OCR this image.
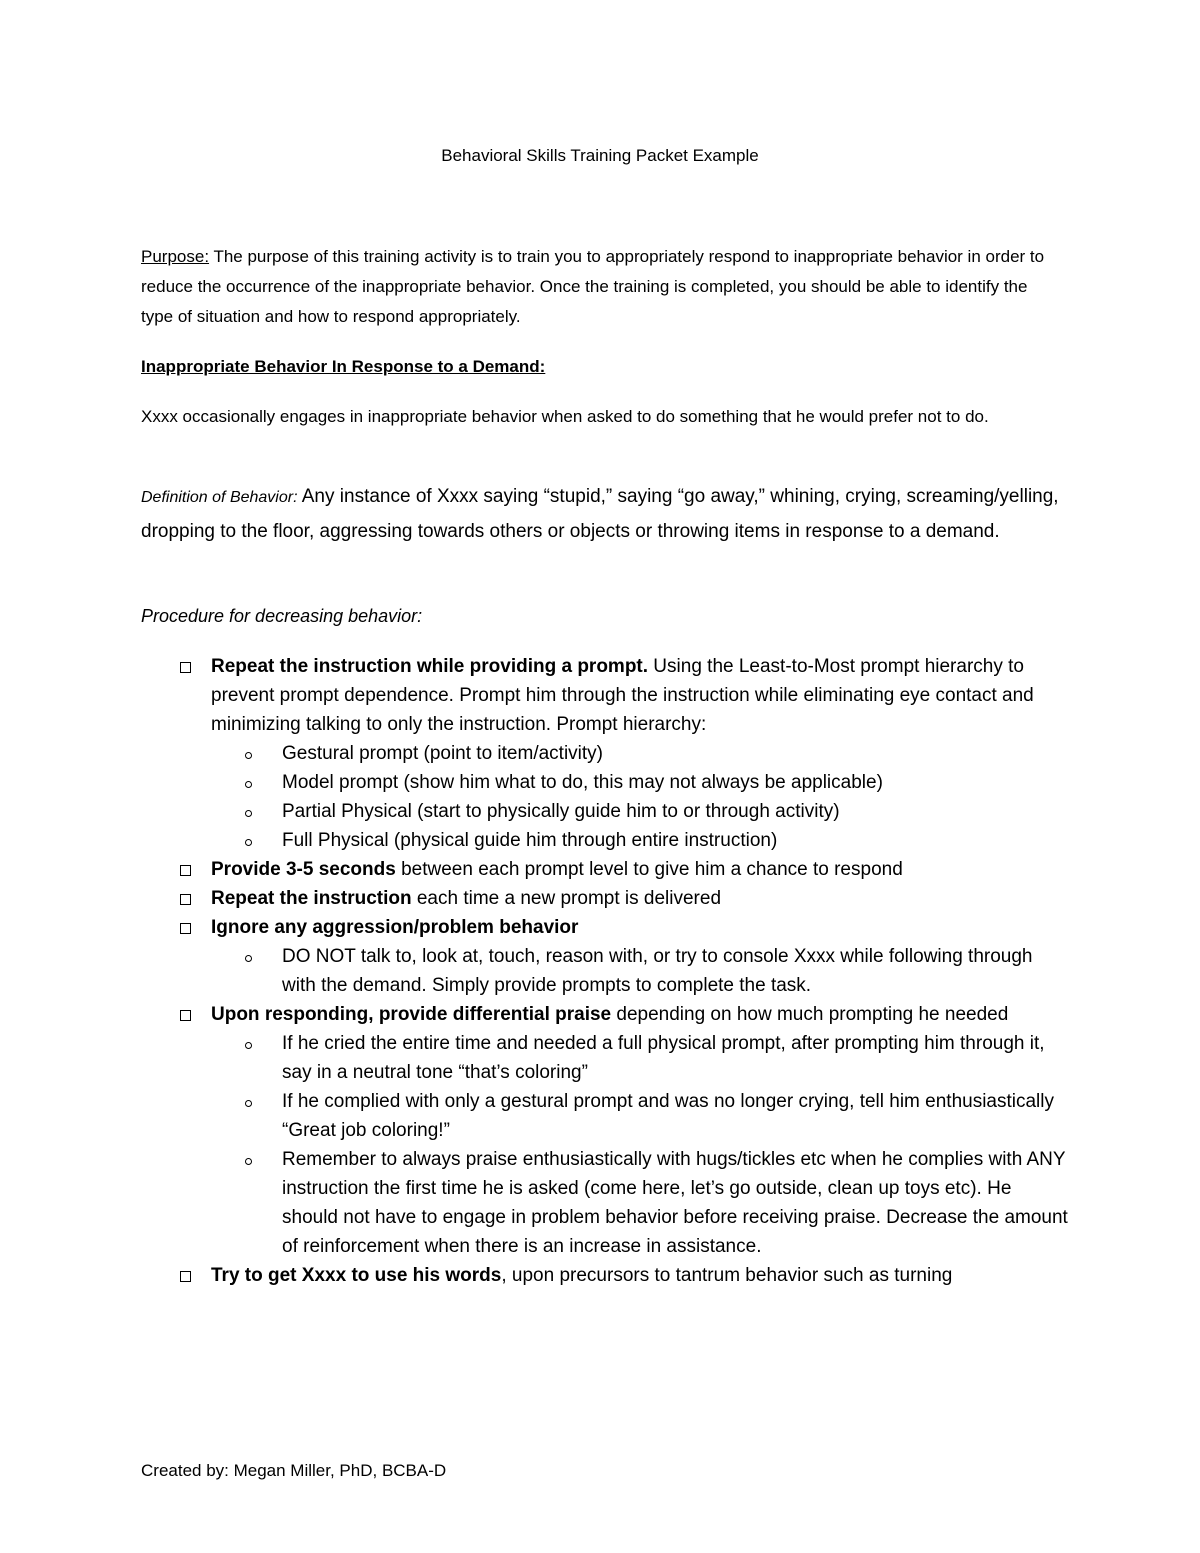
Behavioral Skills Training Packet Example
Purpose: The purpose of this training activity is to train you to appropriately respond to inappropriate behavior in order to reduce the occurrence of the inappropriate behavior. Once the training is completed, you should be able to identify the type of situation and how to respond appropriately.
Inappropriate Behavior In Response to a Demand:
Xxxx occasionally engages in inappropriate behavior when asked to do something that he would prefer not to do.
Definition of Behavior: Any instance of Xxxx saying “stupid,” saying “go away,” whining, crying, screaming/yelling, dropping to the floor, aggressing towards others or objects or throwing items in response to a demand.
Procedure for decreasing behavior:
Repeat the instruction while providing a prompt. Using the Least-to-Most prompt hierarchy to prevent prompt dependence. Prompt him through the instruction while eliminating eye contact and minimizing talking to only the instruction. Prompt hierarchy:
Gestural prompt (point to item/activity)
Model prompt (show him what to do, this may not always be applicable)
Partial Physical (start to physically guide him to or through activity)
Full Physical (physical guide him through entire instruction)
Provide 3-5 seconds between each prompt level to give him a chance to respond
Repeat the instruction each time a new prompt is delivered
Ignore any aggression/problem behavior
DO NOT talk to, look at, touch, reason with, or try to console Xxxx while following through with the demand. Simply provide prompts to complete the task.
Upon responding, provide differential praise depending on how much prompting he needed
If he cried the entire time and needed a full physical prompt, after prompting him through it, say in a neutral tone “that’s coloring”
If he complied with only a gestural prompt and was no longer crying, tell him enthusiastically “Great job coloring!”
Remember to always praise enthusiastically with hugs/tickles etc when he complies with ANY instruction the first time he is asked (come here, let’s go outside, clean up toys etc). He should not have to engage in problem behavior before receiving praise. Decrease the amount of reinforcement when there is an increase in assistance.
Try to get Xxxx to use his words, upon precursors to tantrum behavior such as turning
Created by: Megan Miller, PhD, BCBA-D
